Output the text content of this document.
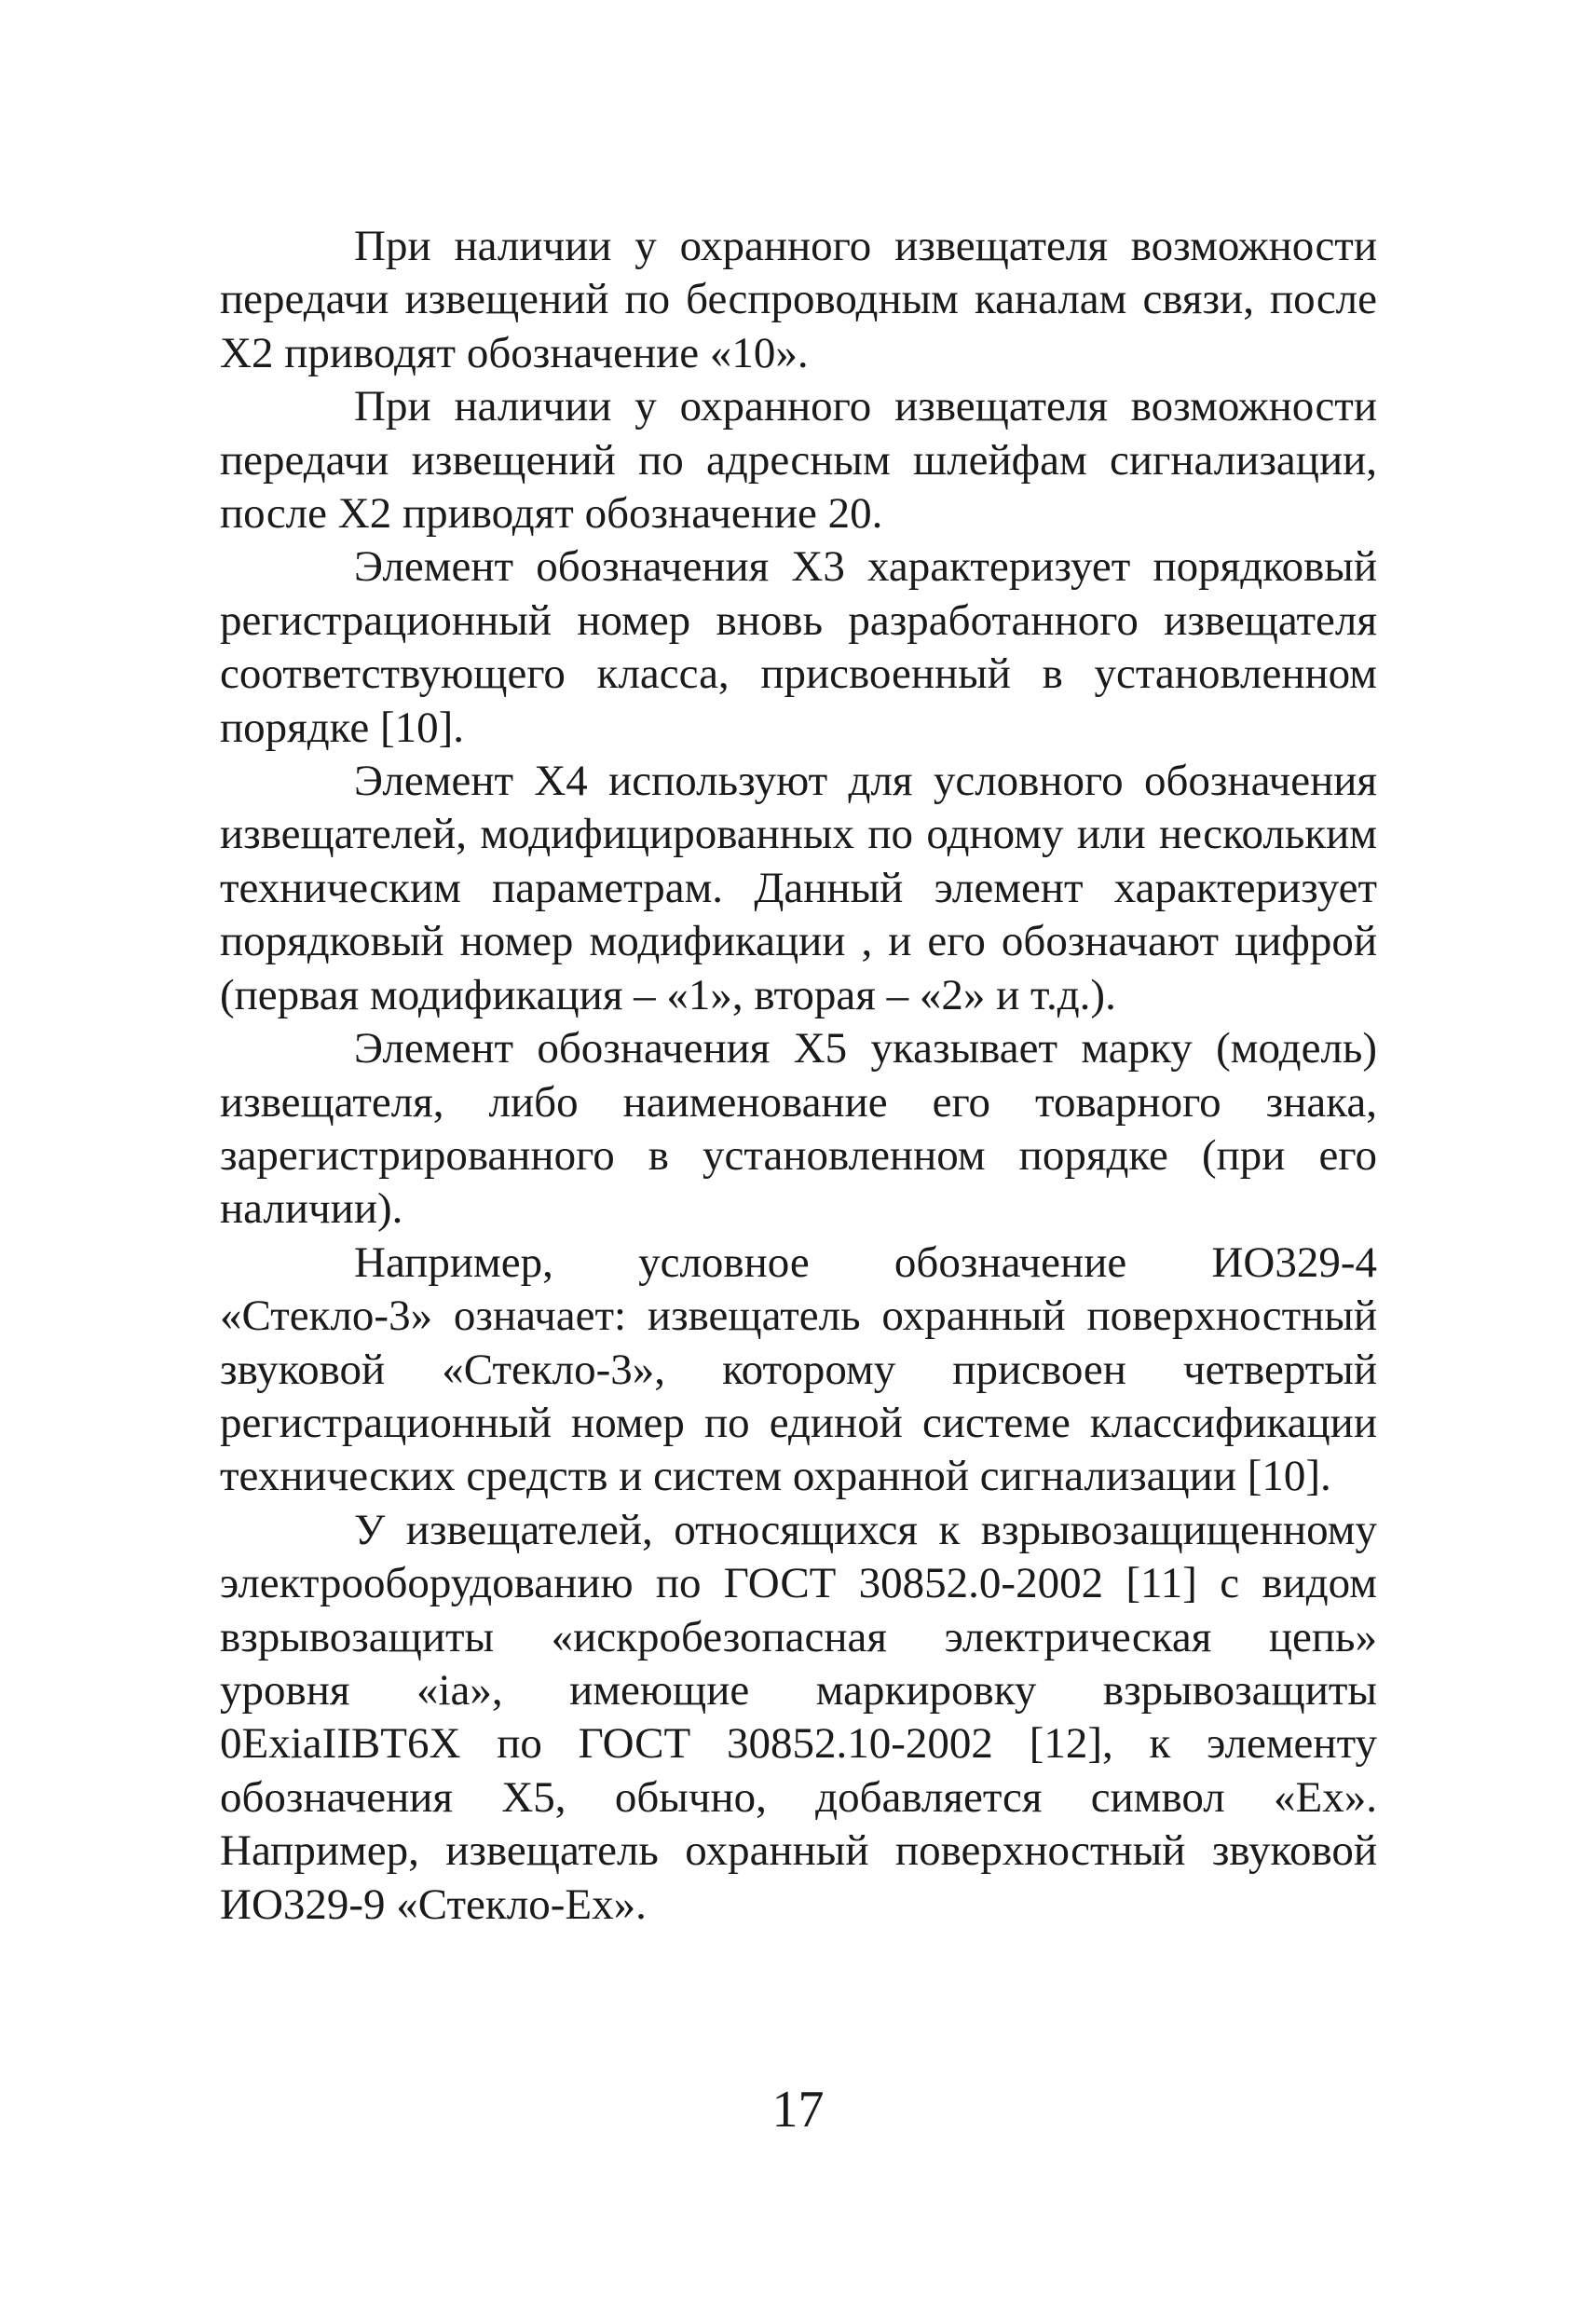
При наличии у охранного извещателя возможности передачи извещений по беспроводным каналам связи, после Х2 приводят обозначение «10».

При наличии у охранного извещателя возможности передачи извещений по адресным шлейфам сигнализации, после Х2 приводят обозначение 20.

Элемент обозначения Х3 характеризует порядковый регистрационный номер вновь разработанного извещателя соответствующего класса, присвоенный в установленном порядке [10].

Элемент Х4 используют для условного обозначения извещателей, модифицированных по одному или нескольким техническим параметрам. Данный элемент характеризует порядковый номер модификации , и его обозначают цифрой (первая модификация – «1», вторая – «2» и т.д.).

Элемент обозначения Х5 указывает марку (модель) извещателя, либо наименование его товарного знака, зарегистрированного в установленном порядке (при его наличии).

Например, условное обозначение ИО329-4 «Стекло-3» означает: извещатель охранный поверхностный звуковой «Стекло-3», которому присвоен четвертый регистрационный номер по единой системе классификации технических средств и систем охранной сигнализации [10].

У извещателей, относящихся к взрывозащищенному электрооборудованию по ГОСТ 30852.0-2002 [11] с видом взрывозащиты «искробезопасная электрическая цепь» уровня «ia», имеющие маркировку взрывозащиты 0ExiaIIBT6X по ГОСТ 30852.10-2002 [12], к элементу обозначения Х5, обычно, добавляется символ «Ex». Например, извещатель охранный поверхностный звуковой ИО329-9 «Стекло-Ех».

17
